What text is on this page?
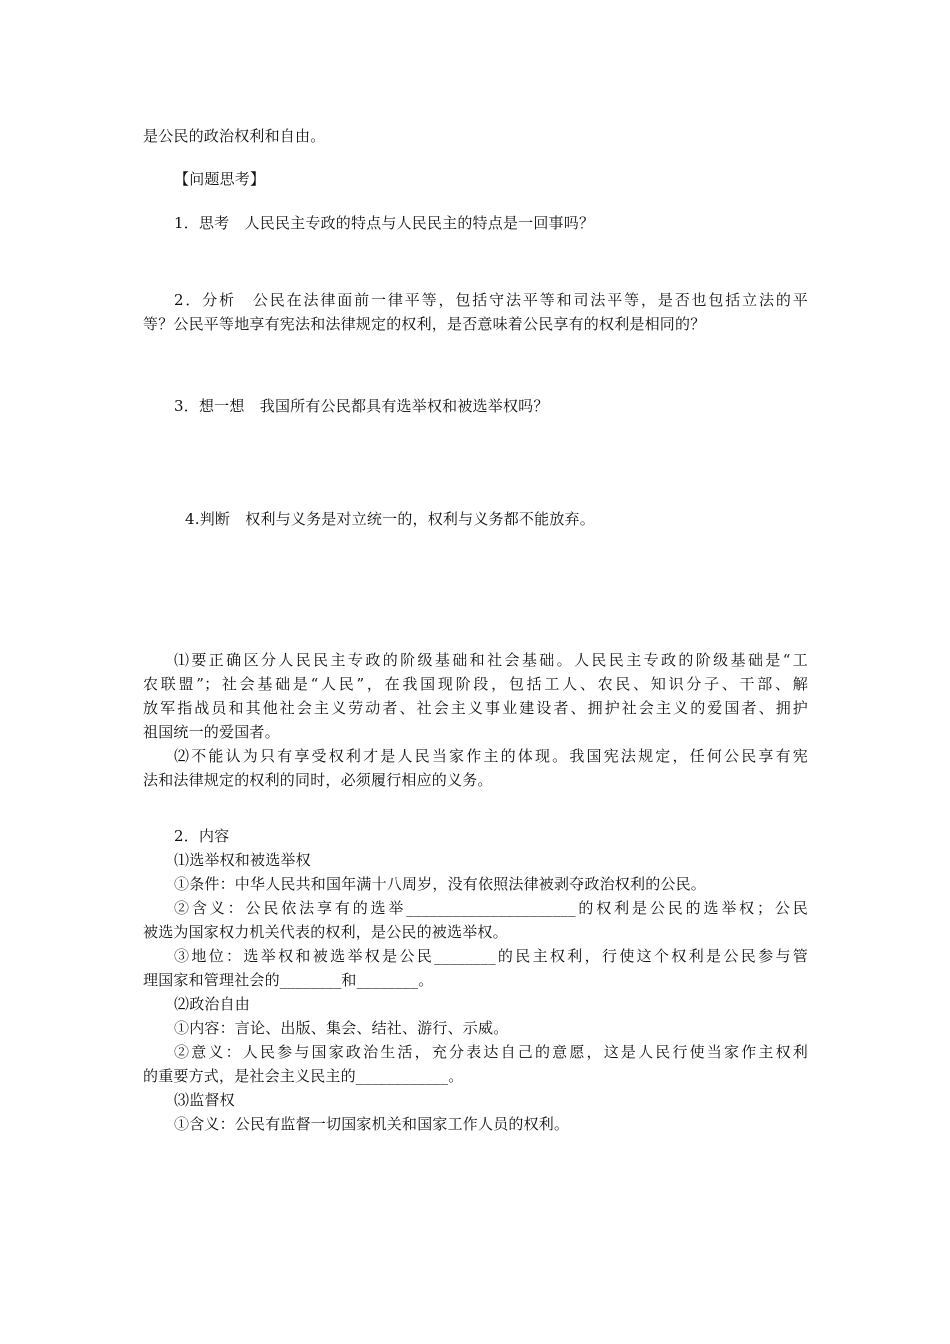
是公民的政治权利和自由。
【问题思考】
1．思考　人民民主专政的特点与人民民主的特点是一回事吗？
2．分析　公民在法律面前一律平等，包括守法平等和司法平等，是否也包括立法的平
等？公民平等地享有宪法和法律规定的权利，是否意味着公民享有的权利是相同的？
3．想一想　我国所有公民都具有选举权和被选举权吗？
4.判断　权利与义务是对立统一的，权利与义务都不能放弃。
⑴要正确区分人民民主专政的阶级基础和社会基础。人民民主专政的阶级基础是“工
农联盟”；社会基础是“人民”，在我国现阶段，包括工人、农民、知识分子、干部、解
放军指战员和其他社会主义劳动者、社会主义事业建设者、拥护社会主义的爱国者、拥护
祖国统一的爱国者。
⑵不能认为只有享受权利才是人民当家作主的体现。我国宪法规定，任何公民享有宪
法和法律规定的权利的同时，必须履行相应的义务。
2．内容
⑴选举权和被选举权
①条件：中华人民共和国年满十八周岁，没有依照法律被剥夺政治权利的公民。
②含义：公民依法享有的选举______________________的权利是公民的选举权；公民
被选为国家权力机关代表的权利，是公民的被选举权。
③地位：选举权和被选举权是公民________的民主权利，行使这个权利是公民参与管
理国家和管理社会的________和________。
⑵政治自由
①内容：言论、出版、集会、结社、游行、示威。
②意义：人民参与国家政治生活，充分表达自己的意愿，这是人民行使当家作主权利
的重要方式，是社会主义民主的____________。
⑶监督权
①含义：公民有监督一切国家机关和国家工作人员的权利。
